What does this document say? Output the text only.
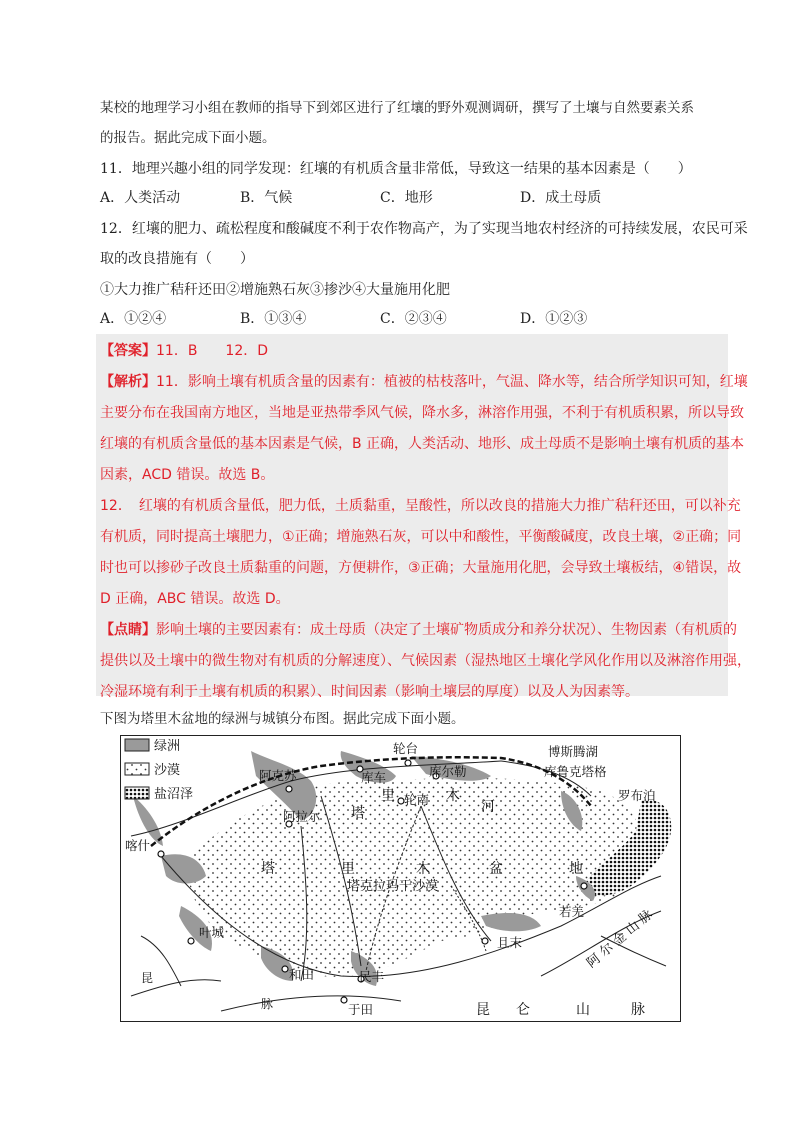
某校的地理学习小组在教师的指导下到郊区进行了红壤的野外观测调研，撰写了土壤与自然要素关系

的报告。据此完成下面小题。

11．地理兴趣小组的同学发现：红壤的有机质含量非常低，导致这一结果的基本因素是（　　）

A．人类活动	B．气候	C．地形	D．成土母质

12．红壤的肥力、疏松程度和酸碱度不利于农作物高产，为了实现当地农村经济的可持续发展，农民可采

取的改良措施有（　　）

①大力推广秸秆还田②增施熟石灰③掺沙④大量施用化肥

A．①②④	B．①③④	C．②③④	D．①②③
【答案】11．B　　12．D
【解析】11．影响土壤有机质含量的因素有：植被的枯枝落叶，气温、降水等，结合所学知识可知，红壤
主要分布在我国南方地区，当地是亚热带季风气候，降水多，淋溶作用强，不利于有机质积累，所以导致
红壤的有机质含量低的基本因素是气候，B 正确，人类活动、地形、成土母质不是影响土壤有机质的基本
因素，ACD 错误。故选 B。
12．　红壤的有机质含量低，肥力低，土质黏重，呈酸性，所以改良的措施大力推广秸秆还田，可以补充
有机质，同时提高土壤肥力，①正确；增施熟石灰，可以中和酸性，平衡酸碱度，改良土壤，②正确；同
时也可以掺砂子改良土质黏重的问题，方便耕作，③正确；大量施用化肥，会导致土壤板结，④错误，故
D 正确，ABC 错误。故选 D。
【点睛】影响土壤的主要因素有：成土母质（决定了土壤矿物质成分和养分状况）、生物因素（有机质的
提供以及土壤中的微生物对有机质的分解速度）、气候因素（湿热地区土壤化学风化作用以及淋溶作用强，
冷湿环境有利于土壤有机质的积累）、时间因素（影响土壤层的厚度）以及人为因素等。

下图为塔里木盆地的绿洲与城镇分布图。据此完成下面小题。

绿洲
沙漠
盐沼泽
阿克苏	库车
轮台
库尔勒
博斯腾湖
库鲁克塔格
阿拉尔
轮南
喀什
叶城
和田	民丰
于田
且末
若羌
罗布泊
塔
里	木
河
塔	里	木	盆	地
塔克拉玛干沙漠
昆 仑	山	脉
阿
尔
金
山
脉
脉
昆
